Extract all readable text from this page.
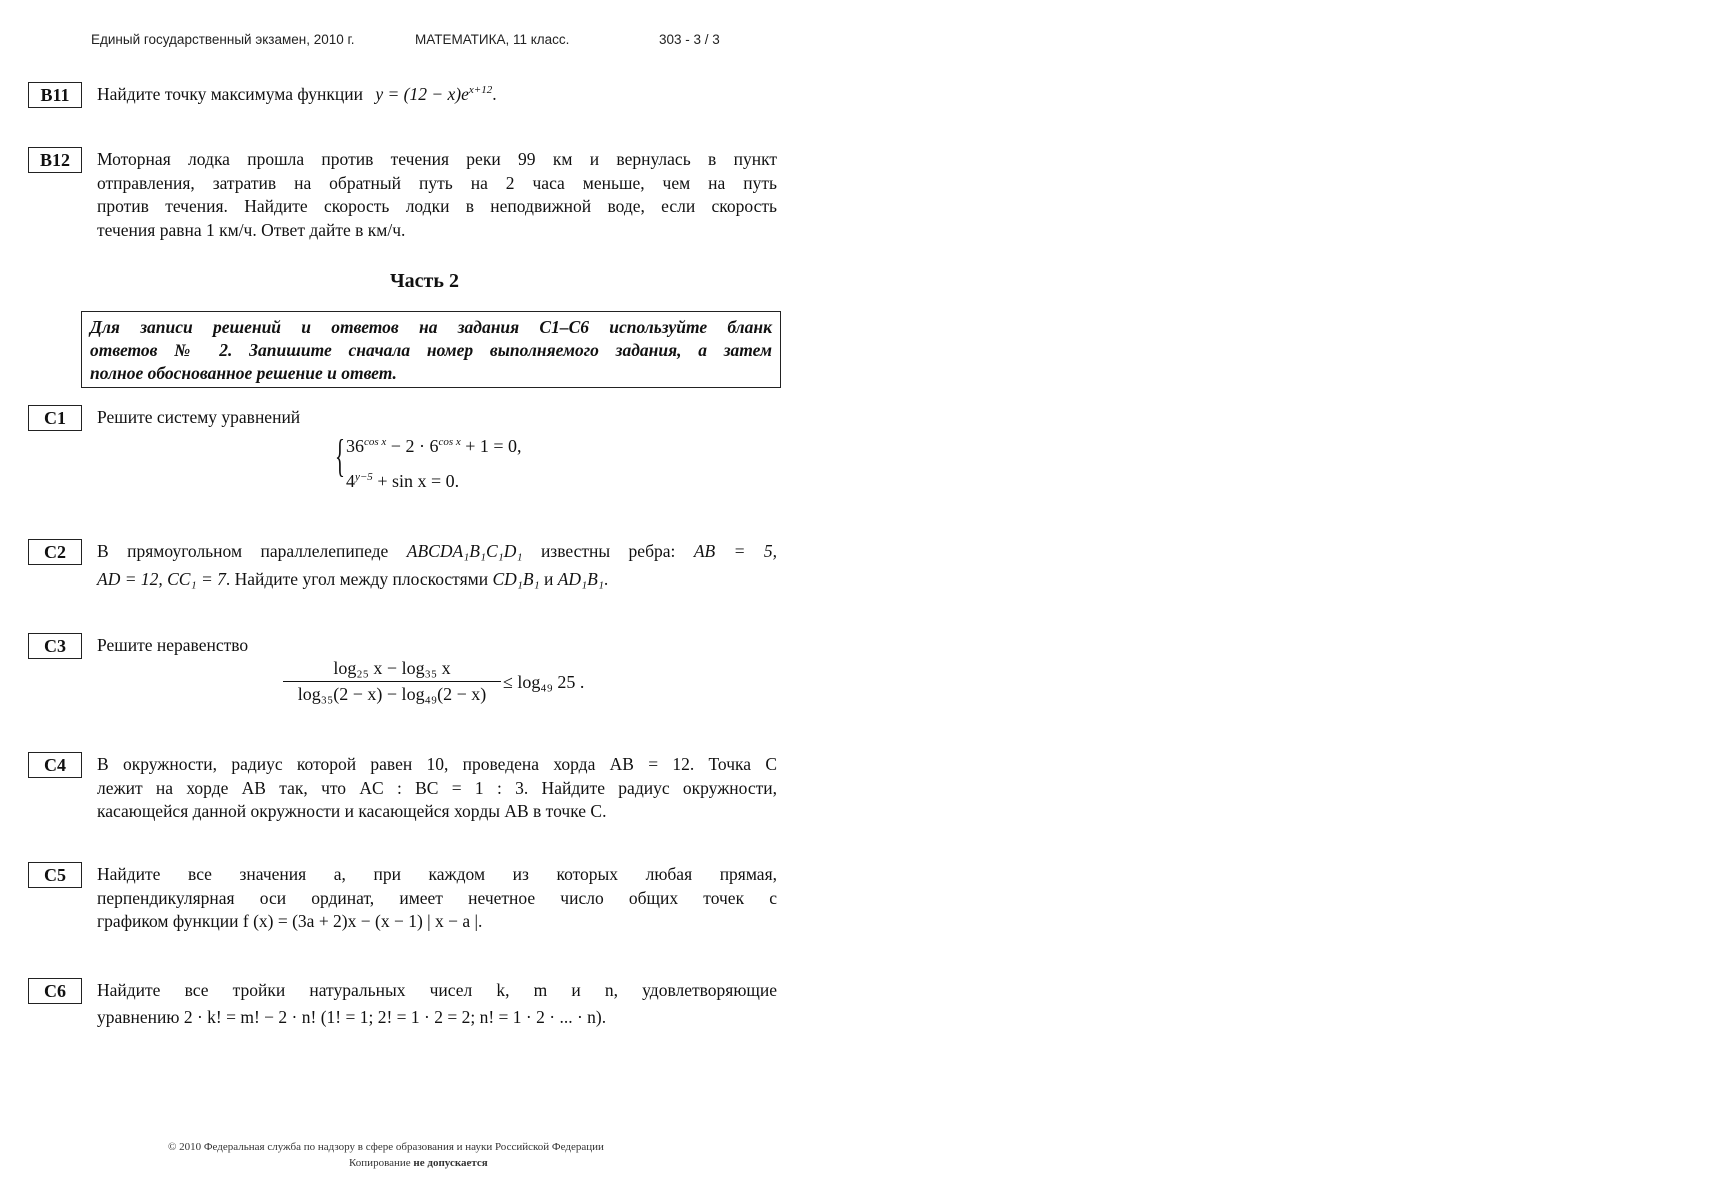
Единый государственный экзамен, 2010 г.	МАТЕМАТИКА, 11 класс.	303 - 3 / 3
B11	Найдите точку максимума функции $y = (12 - x)e^{x+12}$.
B12	Моторная лодка прошла против течения реки 99 км и вернулась в пункт
отправления, затратив на обратный путь на 2 часа меньше, чем на путь
против течения. Найдите скорость лодки в неподвижной воде, если скорость
течения равна 1 км/ч. Ответ дайте в км/ч.
Часть 2
Для записи решений и ответов на задания С1–С6 используйте бланк
ответов № 2. Запишите сначала номер выполняемого задания, а затем
полное обоснованное решение и ответ.
C1	Решите систему уравнений
{ $36^{cos x} - 2 \cdot 6^{cos x} + 1 = 0$,
$4^{y-5} + \sin x = 0$.
C2	В прямоугольном параллелепипеде ABCDA₁B₁C₁D₁ известны ребра: AB = 5,
AD = 12, CC₁ = 7. Найдите угол между плоскостями CD₁B₁ и AD₁B₁.
C3	Решите неравенство
$\frac{\text{log₂₅ x − log₃₅ x}}{\text{log₃₅(2 − x) − log₄₉(2 − x)}} \le \log_{49}$ 25 .
C4	В окружности, радиус которой равен 10, проведена хорда AB = 12. Точка C
лежит на хорде AB так, что AC : BC = 1 : 3. Найдите радиус окружности,
касающейся данной окружности и касающейся хорды AB в точке C.
C5	Найдите все значения a, при каждом из которых любая прямая,
перпендикулярная оси ординат, имеет нечетное число общих точек с
графиком функции f (x) = (3a + 2)x − (x − 1) | x − a |.
C6	Найдите все тройки натуральных чисел k, m и n, удовлетворяющие
уравнению 2 · k! = m! − 2 · n! (1! = 1; 2! = 1 · 2 = 2; n! = 1 · 2 · ... · n).
© 2010 Федеральная служба по надзору в сфере образования и науки Российской Федерации
Копирование не допускается
